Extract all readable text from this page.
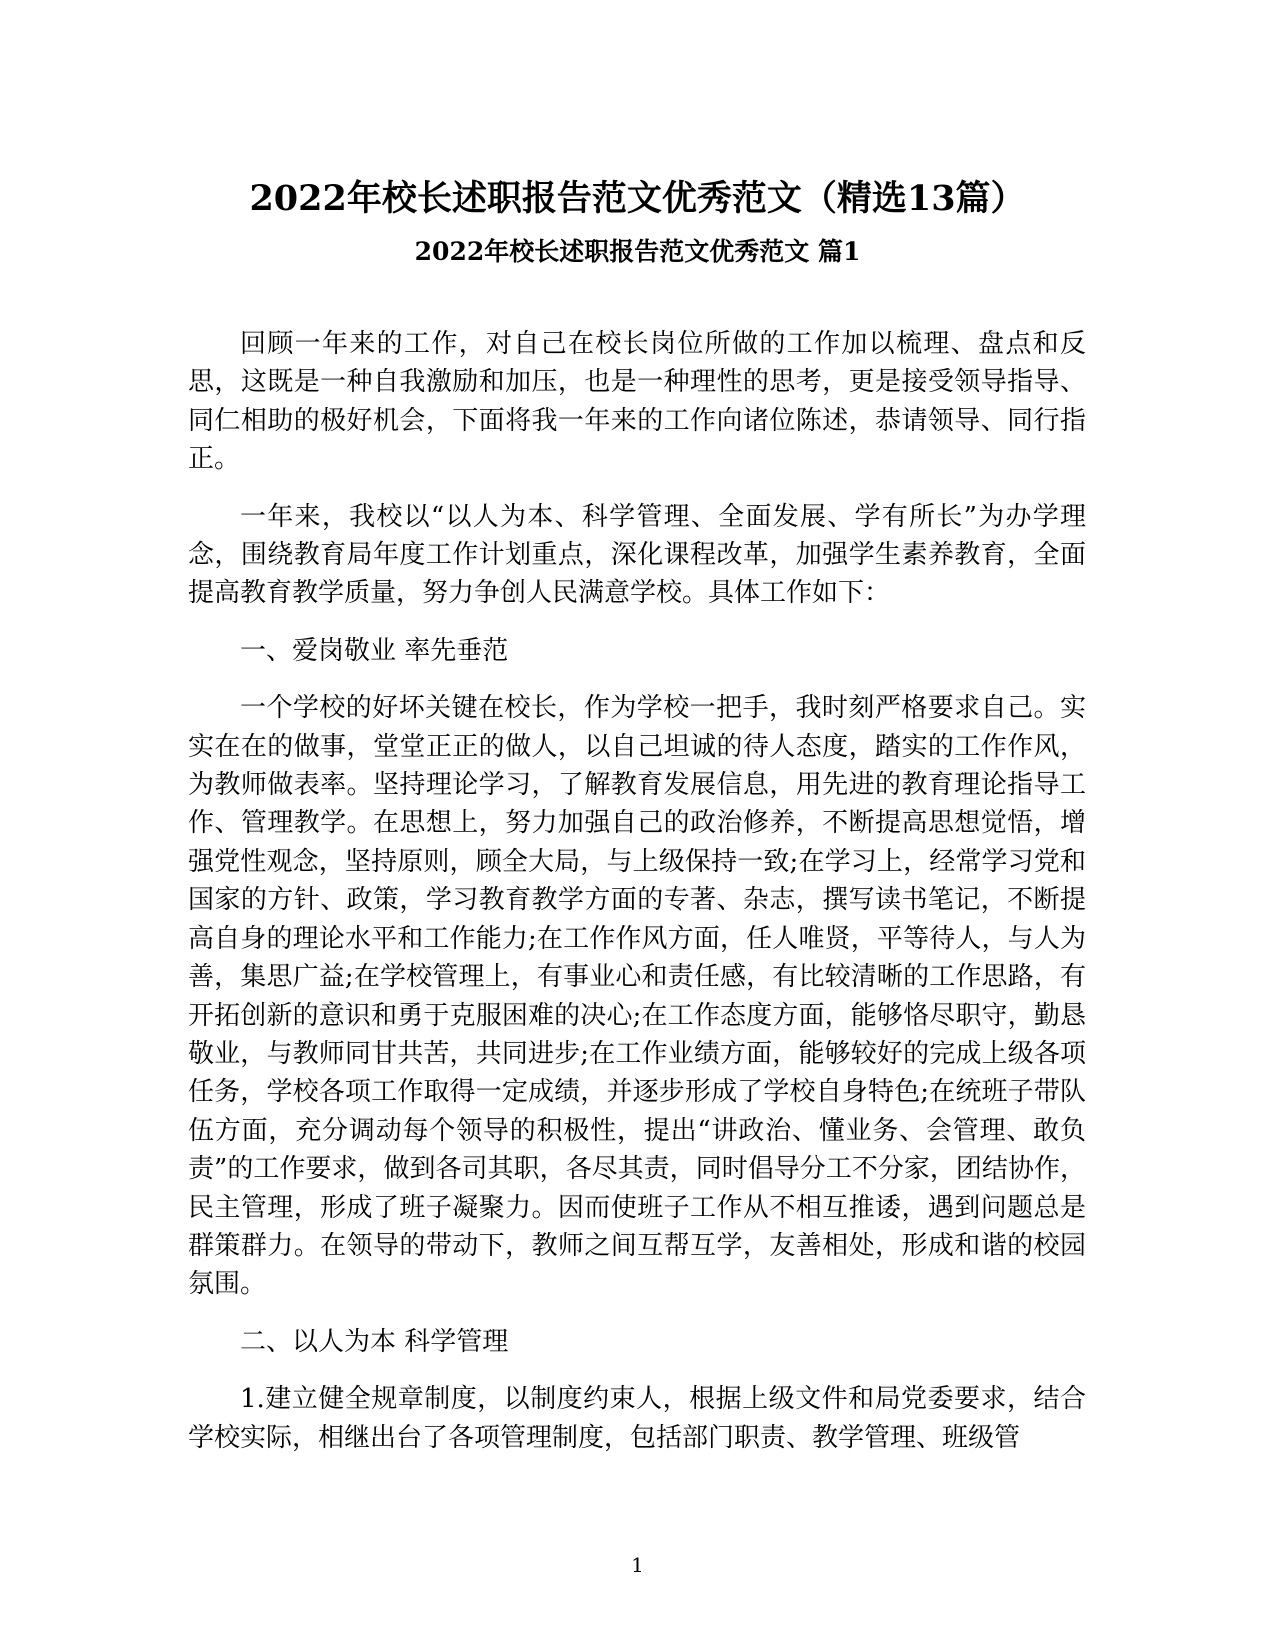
2022年校长述职报告范文优秀范文（精选13篇）
2022年校长述职报告范文优秀范文 篇1

回顾一年来的工作，对自己在校长岗位所做的工作加以梳理、盘点和反思，这既是一种自我激励和加压，也是一种理性的思考，更是接受领导指导、同仁相助的极好机会，下面将我一年来的工作向诸位陈述，恭请领导、同行指正。

一年来，我校以“以人为本、科学管理、全面发展、学有所长”为办学理念，围绕教育局年度工作计划重点，深化课程改革，加强学生素养教育，全面提高教育教学质量，努力争创人民满意学校。具体工作如下：

一、爱岗敬业 率先垂范

一个学校的好坏关键在校长，作为学校一把手，我时刻严格要求自己。实实在在的做事，堂堂正正的做人，以自己坦诚的待人态度，踏实的工作作风，为教师做表率。坚持理论学习，了解教育发展信息，用先进的教育理论指导工作、管理教学。在思想上，努力加强自己的政治修养，不断提高思想觉悟，增强党性观念，坚持原则，顾全大局，与上级保持一致;在学习上，经常学习党和国家的方针、政策，学习教育教学方面的专著、杂志，撰写读书笔记，不断提高自身的理论水平和工作能力;在工作作风方面，任人唯贤，平等待人，与人为善，集思广益;在学校管理上，有事业心和责任感，有比较清晰的工作思路，有开拓创新的意识和勇于克服困难的决心;在工作态度方面，能够恪尽职守，勤恳敬业，与教师同甘共苦，共同进步;在工作业绩方面，能够较好的完成上级各项任务，学校各项工作取得一定成绩，并逐步形成了学校自身特色;在统班子带队伍方面，充分调动每个领导的积极性，提出“讲政治、懂业务、会管理、敢负责”的工作要求，做到各司其职，各尽其责，同时倡导分工不分家，团结协作，民主管理，形成了班子凝聚力。因而使班子工作从不相互推诿，遇到问题总是群策群力。在领导的带动下，教师之间互帮互学，友善相处，形成和谐的校园氛围。

二、以人为本 科学管理

1.建立健全规章制度，以制度约束人，根据上级文件和局党委要求，结合学校实际，相继出台了各项管理制度，包括部门职责、教学管理、班级管

1
